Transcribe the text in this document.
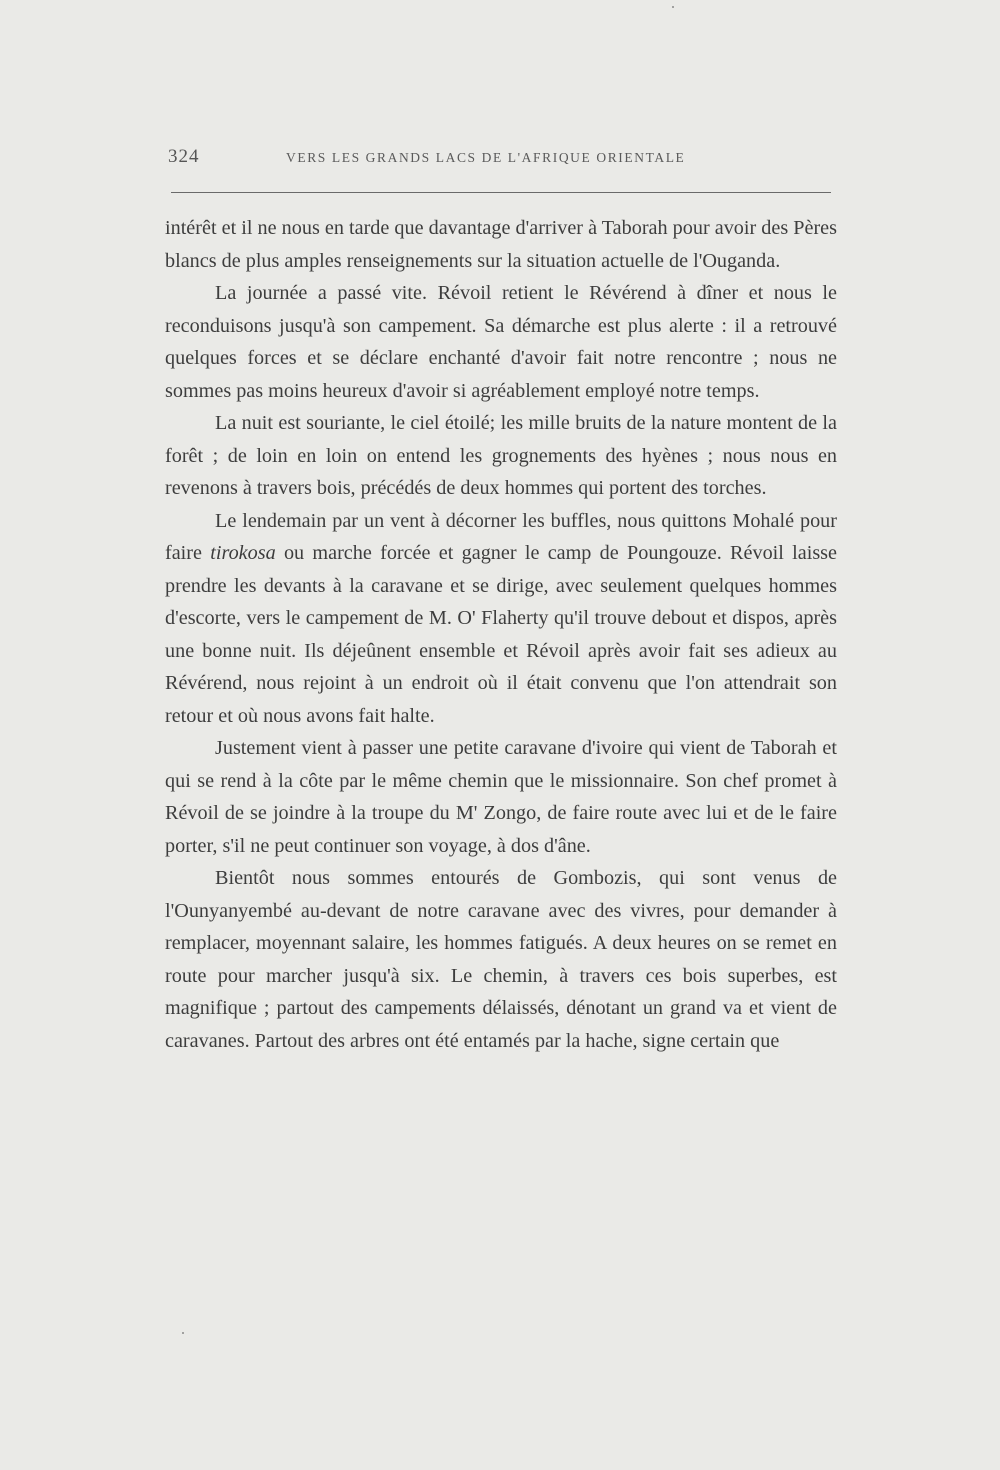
324	VERS LES GRANDS LACS DE L'AFRIQUE ORIENTALE

intérêt et il ne nous en tarde que davantage d'arriver à Taborah pour avoir des Pères blancs de plus amples renseignements sur la situation actuelle de l'Ouganda.

La journée a passé vite. Révoil retient le Révérend à dîner et nous le reconduisons jusqu'à son campement. Sa démarche est plus alerte : il a retrouvé quelques forces et se déclare enchanté d'avoir fait notre rencontre ; nous ne sommes pas moins heureux d'avoir si agréablement employé notre temps.

La nuit est souriante, le ciel étoilé; les mille bruits de la nature montent de la forêt ; de loin en loin on entend les grognements des hyènes ; nous nous en revenons à travers bois, précédés de deux hommes qui portent des torches.

Le lendemain par un vent à décorner les buffles, nous quittons Mohalé pour faire tirokosa ou marche forcée et gagner le camp de Poungouze. Révoil laisse prendre les devants à la caravane et se dirige, avec seulement quelques hommes d'escorte, vers le campement de M. O' Flaherty qu'il trouve debout et dispos, après une bonne nuit. Ils déjeûnent ensemble et Révoil après avoir fait ses adieux au Révérend, nous rejoint à un endroit où il était convenu que l'on attendrait son retour et où nous avons fait halte.

Justement vient à passer une petite caravane d'ivoire qui vient de Taborah et qui se rend à la côte par le même chemin que le missionnaire. Son chef promet à Révoil de se joindre à la troupe du M' Zongo, de faire route avec lui et de le faire porter, s'il ne peut continuer son voyage, à dos d'âne.

Bientôt nous sommes entourés de Gombozis, qui sont venus de l'Ounyanyembé au-devant de notre caravane avec des vivres, pour demander à remplacer, moyennant salaire, les hommes fatigués. A deux heures on se remet en route pour marcher jusqu'à six. Le chemin, à travers ces bois superbes, est magnifique ; partout des campements délaissés, dénotant un grand va et vient de caravanes. Partout des arbres ont été entamés par la hache, signe certain que
